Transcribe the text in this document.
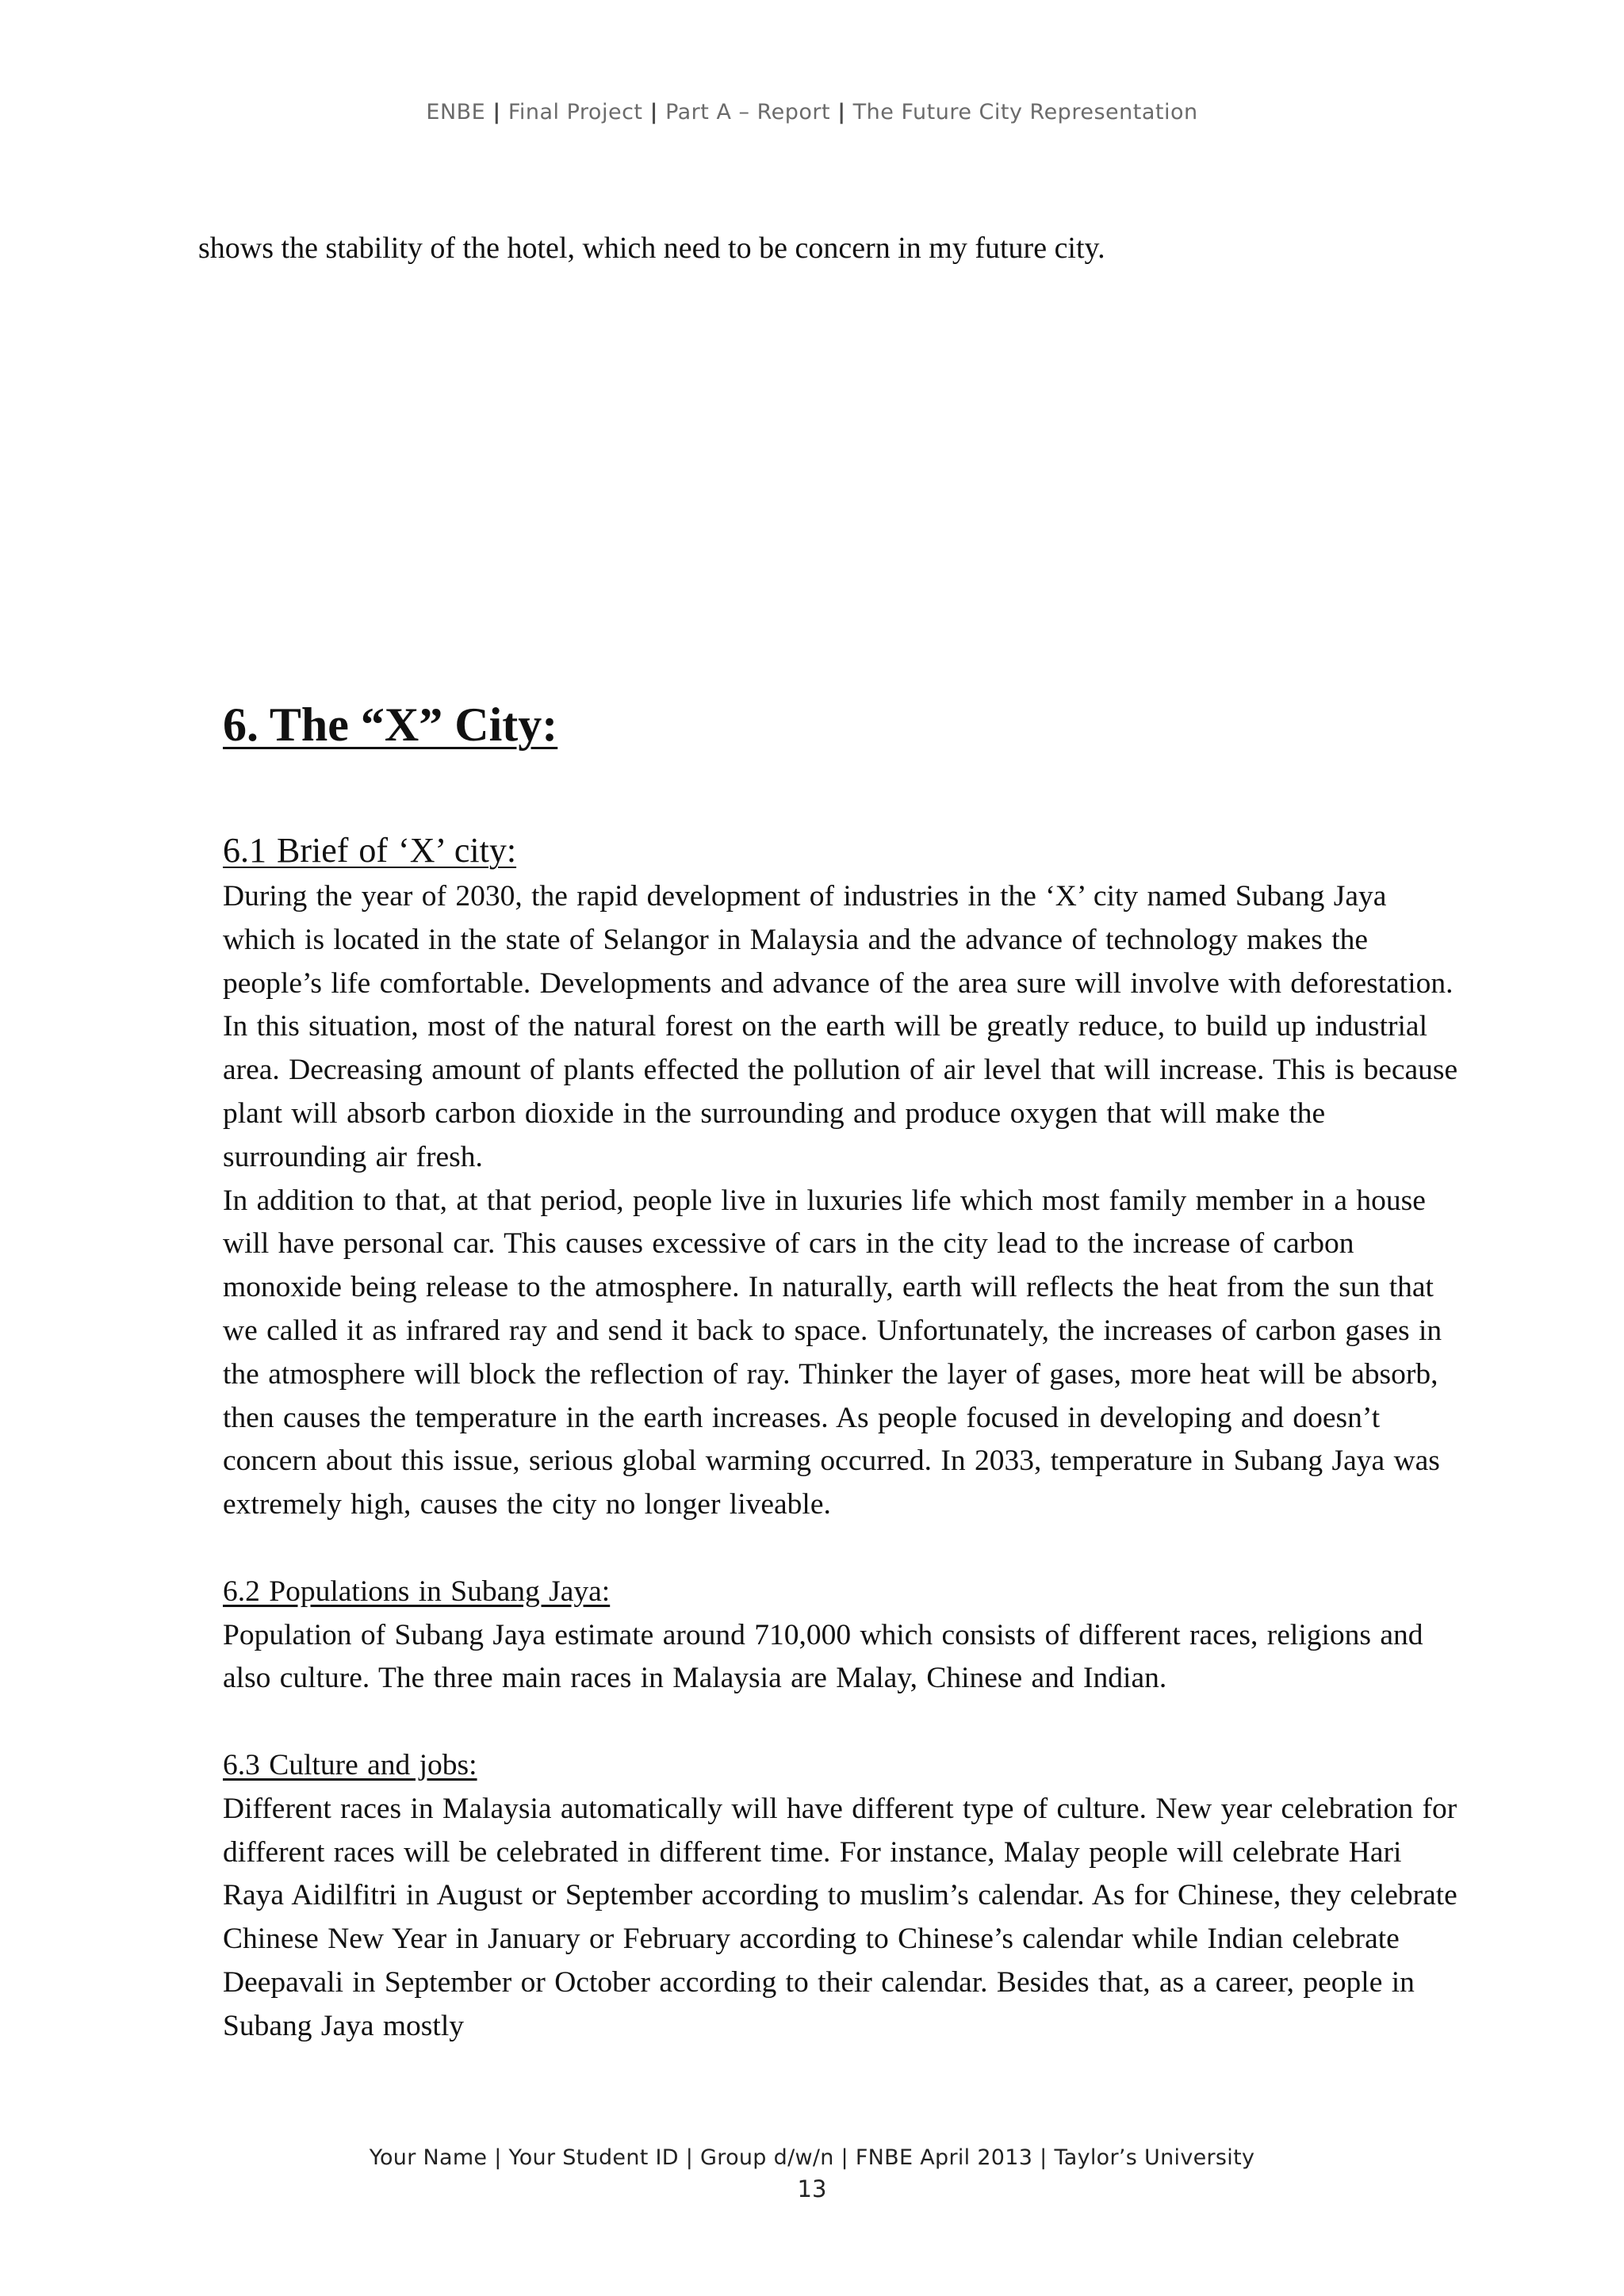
ENBE | Final Project | Part A – Report | The Future City Representation

shows the stability of the hotel, which need to be concern in my future city.

6. The “X” City:
6.1 Brief of ‘X’ city:

During the year of 2030, the rapid development of industries in the ‘X’ city named Subang Jaya which is located in the state of Selangor in Malaysia and the advance of technology makes the people’s life comfortable. Developments and advance of the area sure will involve with deforestation. In this situation, most of the natural forest on the earth will be greatly reduce, to build up industrial area. Decreasing amount of plants effected the pollution of air level that will increase. This is because plant will absorb carbon dioxide in the surrounding and produce oxygen that will make the surrounding air fresh.

In addition to that, at that period, people live in luxuries life which most family member in a house will have personal car. This causes excessive of cars in the city lead to the increase of carbon monoxide being release to the atmosphere. In naturally, earth will reflects the heat from the sun that we called it as infrared ray and send it back to space. Unfortunately, the increases of carbon gases in the atmosphere will block the reflection of ray. Thinker the layer of gases, more heat will be absorb, then causes the temperature in the earth increases. As people focused in developing and doesn’t concern about this issue, serious global warming occurred. In 2033, temperature in Subang Jaya was extremely high, causes the city no longer liveable.

6.2 Populations in Subang Jaya:

Population of Subang Jaya estimate around 710,000 which consists of different races, religions and also culture. The three main races in Malaysia are Malay, Chinese and Indian.

6.3 Culture and jobs:

Different races in Malaysia automatically will have different type of culture. New year celebration for different races will be celebrated in different time. For instance, Malay people will celebrate Hari Raya Aidilfitri in August or September according to muslim’s calendar. As for Chinese, they celebrate Chinese New Year in January or February according to Chinese’s calendar while Indian celebrate Deepavali in September or October according to their calendar. Besides that, as a career, people in Subang Jaya mostly

Your Name | Your Student ID | Group d/w/n | FNBE April 2013 | Taylor’s University
13
